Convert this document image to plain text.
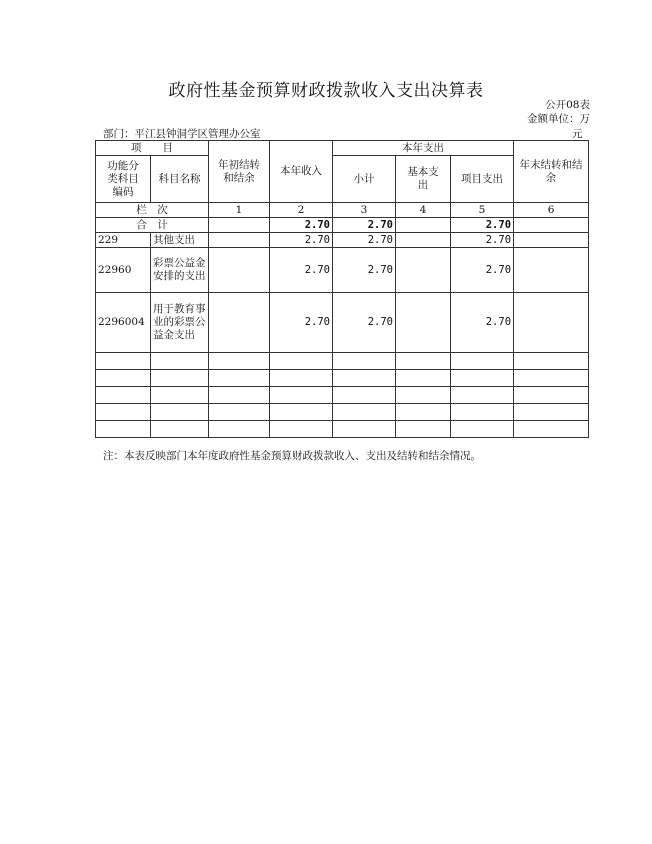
政府性基金预算财政拨款收入支出决算表
公开08表
金额单位：万
部门：平江县钟洞学区管理办公室	元
项　　目		年初结转和结余	本年收入	本年支出			年末结转和结余

功能分类科目编码	科目名称			小计	基本支出	项目支出	
栏　次		1	2	3	4	5	6
合　计			2.70	2.70		2.70	
229	其他支出		2.70	2.70		2.70	
22960	彩票公益金安排的支出		2.70	2.70		2.70	
2296004	用于教育事业的彩票公益金支出		2.70	2.70		2.70	

注：本表反映部门本年度政府性基金预算财政拨款收入、支出及结转和结余情况。
